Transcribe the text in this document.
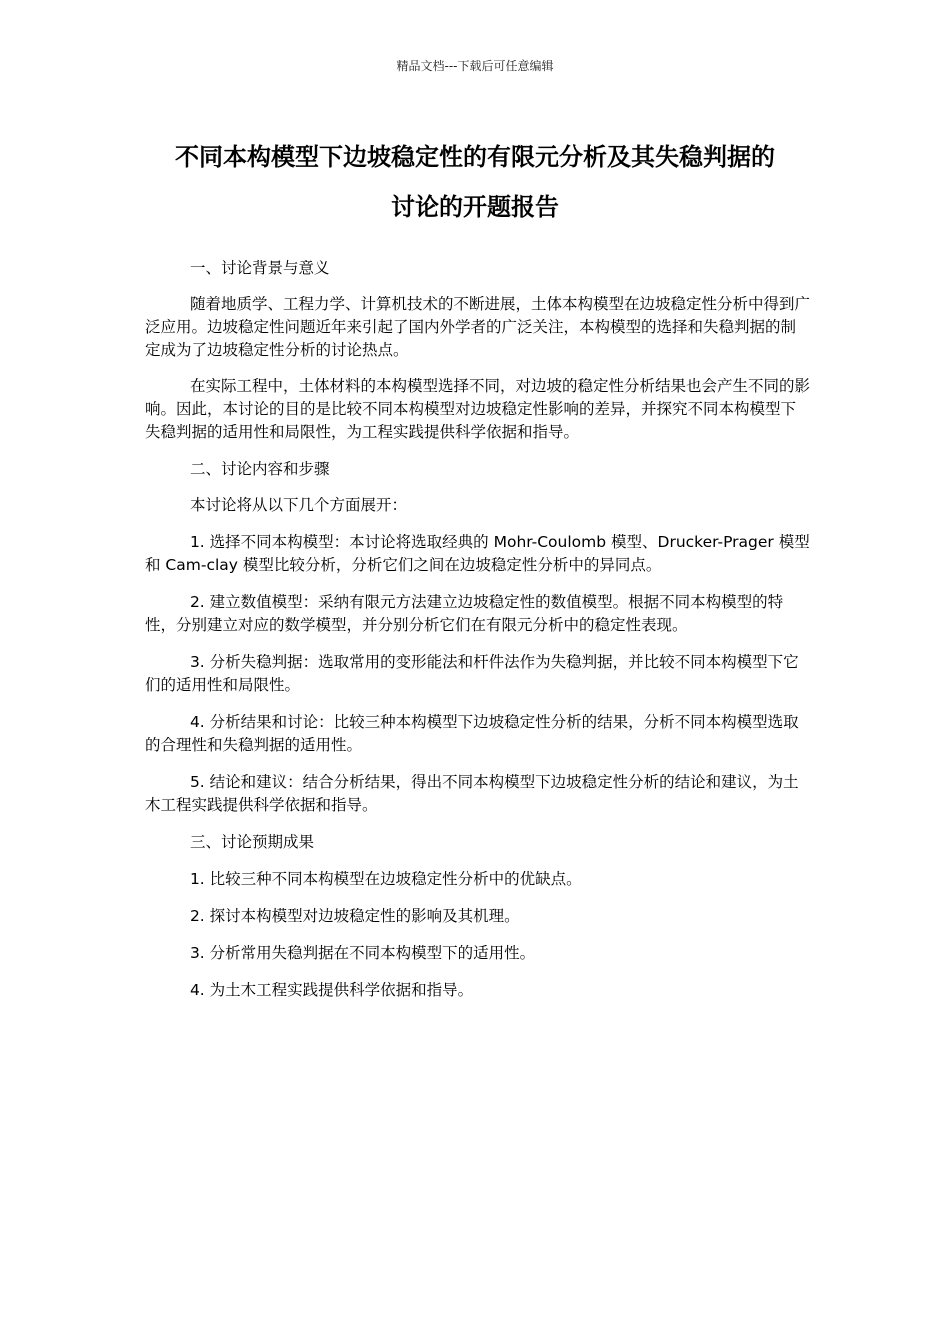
精品文档---下载后可任意编辑
不同本构模型下边坡稳定性的有限元分析及其失稳判据的
讨论的开题报告

一、讨论背景与意义

随着地质学、工程力学、计算机技术的不断进展，土体本构模型在边坡稳定性分析中得到广泛应用。边坡稳定性问题近年来引起了国内外学者的广泛关注，本构模型的选择和失稳判据的制定成为了边坡稳定性分析的讨论热点。

在实际工程中，土体材料的本构模型选择不同，对边坡的稳定性分析结果也会产生不同的影响。因此，本讨论的目的是比较不同本构模型对边坡稳定性影响的差异，并探究不同本构模型下失稳判据的适用性和局限性，为工程实践提供科学依据和指导。

二、讨论内容和步骤

本讨论将从以下几个方面展开：

1. 选择不同本构模型：本讨论将选取经典的 Mohr-Coulomb 模型、Drucker-Prager 模型和 Cam-clay 模型比较分析，分析它们之间在边坡稳定性分析中的异同点。

2. 建立数值模型：采纳有限元方法建立边坡稳定性的数值模型。根据不同本构模型的特性，分别建立对应的数学模型，并分别分析它们在有限元分析中的稳定性表现。

3. 分析失稳判据：选取常用的变形能法和杆件法作为失稳判据，并比较不同本构模型下它们的适用性和局限性。

4. 分析结果和讨论：比较三种本构模型下边坡稳定性分析的结果，分析不同本构模型选取的合理性和失稳判据的适用性。

5. 结论和建议：结合分析结果，得出不同本构模型下边坡稳定性分析的结论和建议，为土木工程实践提供科学依据和指导。

三、讨论预期成果

1. 比较三种不同本构模型在边坡稳定性分析中的优缺点。

2. 探讨本构模型对边坡稳定性的影响及其机理。

3. 分析常用失稳判据在不同本构模型下的适用性。

4. 为土木工程实践提供科学依据和指导。
